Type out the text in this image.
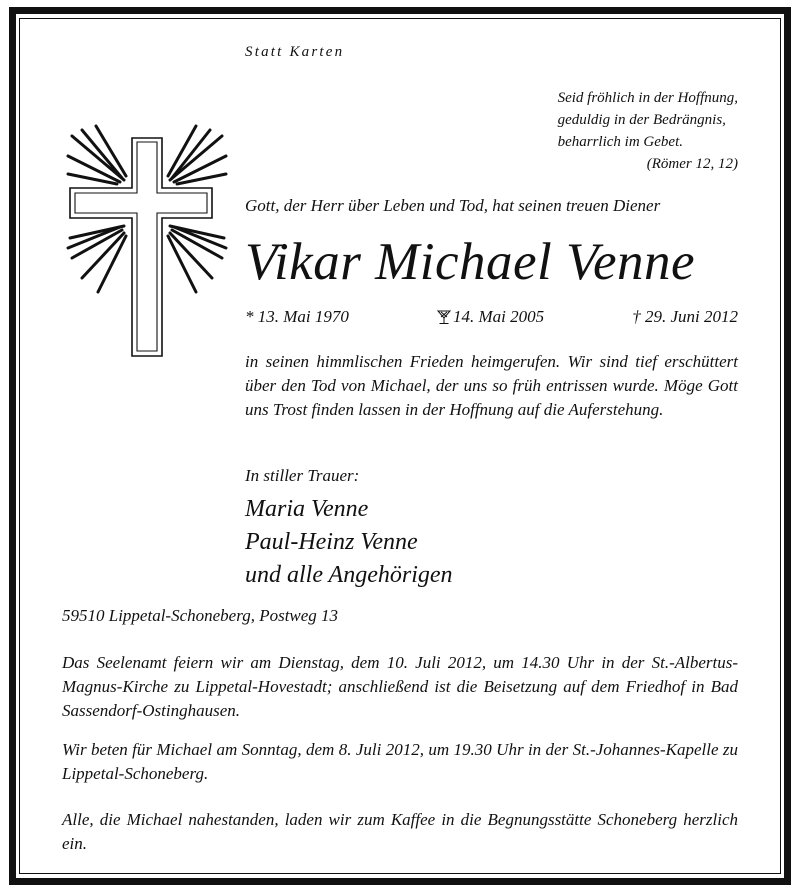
Statt Karten
Seid fröhlich in der Hoffnung,
geduldig in der Bedrängnis,
beharrlich im Gebet.
(Römer 12, 12)
Gott, der Herr über Leben und Tod, hat seinen treuen Diener
Vikar Michael Venne
* 13. Mai 1970	14. Mai 2005	† 29. Juni 2012
in seinen himmlischen Frieden heimgerufen. Wir sind tief erschüttert über den Tod von Michael, der uns so früh entrissen wurde. Möge Gott uns Trost finden lassen in der Hoffnung auf die Auferstehung.
In stiller Trauer:
Maria Venne
Paul-Heinz Venne
und alle Angehörigen
59510 Lippetal-Schoneberg, Postweg 13
Das Seelenamt feiern wir am Dienstag, dem 10. Juli 2012, um 14.30 Uhr in der St.-Albertus-Magnus-Kirche zu Lippetal-Hovestadt; anschließend ist die Beisetzung auf dem Friedhof in Bad Sassendorf-Ostinghausen.
Wir beten für Michael am Sonntag, dem 8. Juli 2012, um 19.30 Uhr in der St.-Johannes-Kapelle zu Lippetal-Schoneberg.
Alle, die Michael nahestanden, laden wir zum Kaffee in die Begnungsstätte Schoneberg herzlich ein.
